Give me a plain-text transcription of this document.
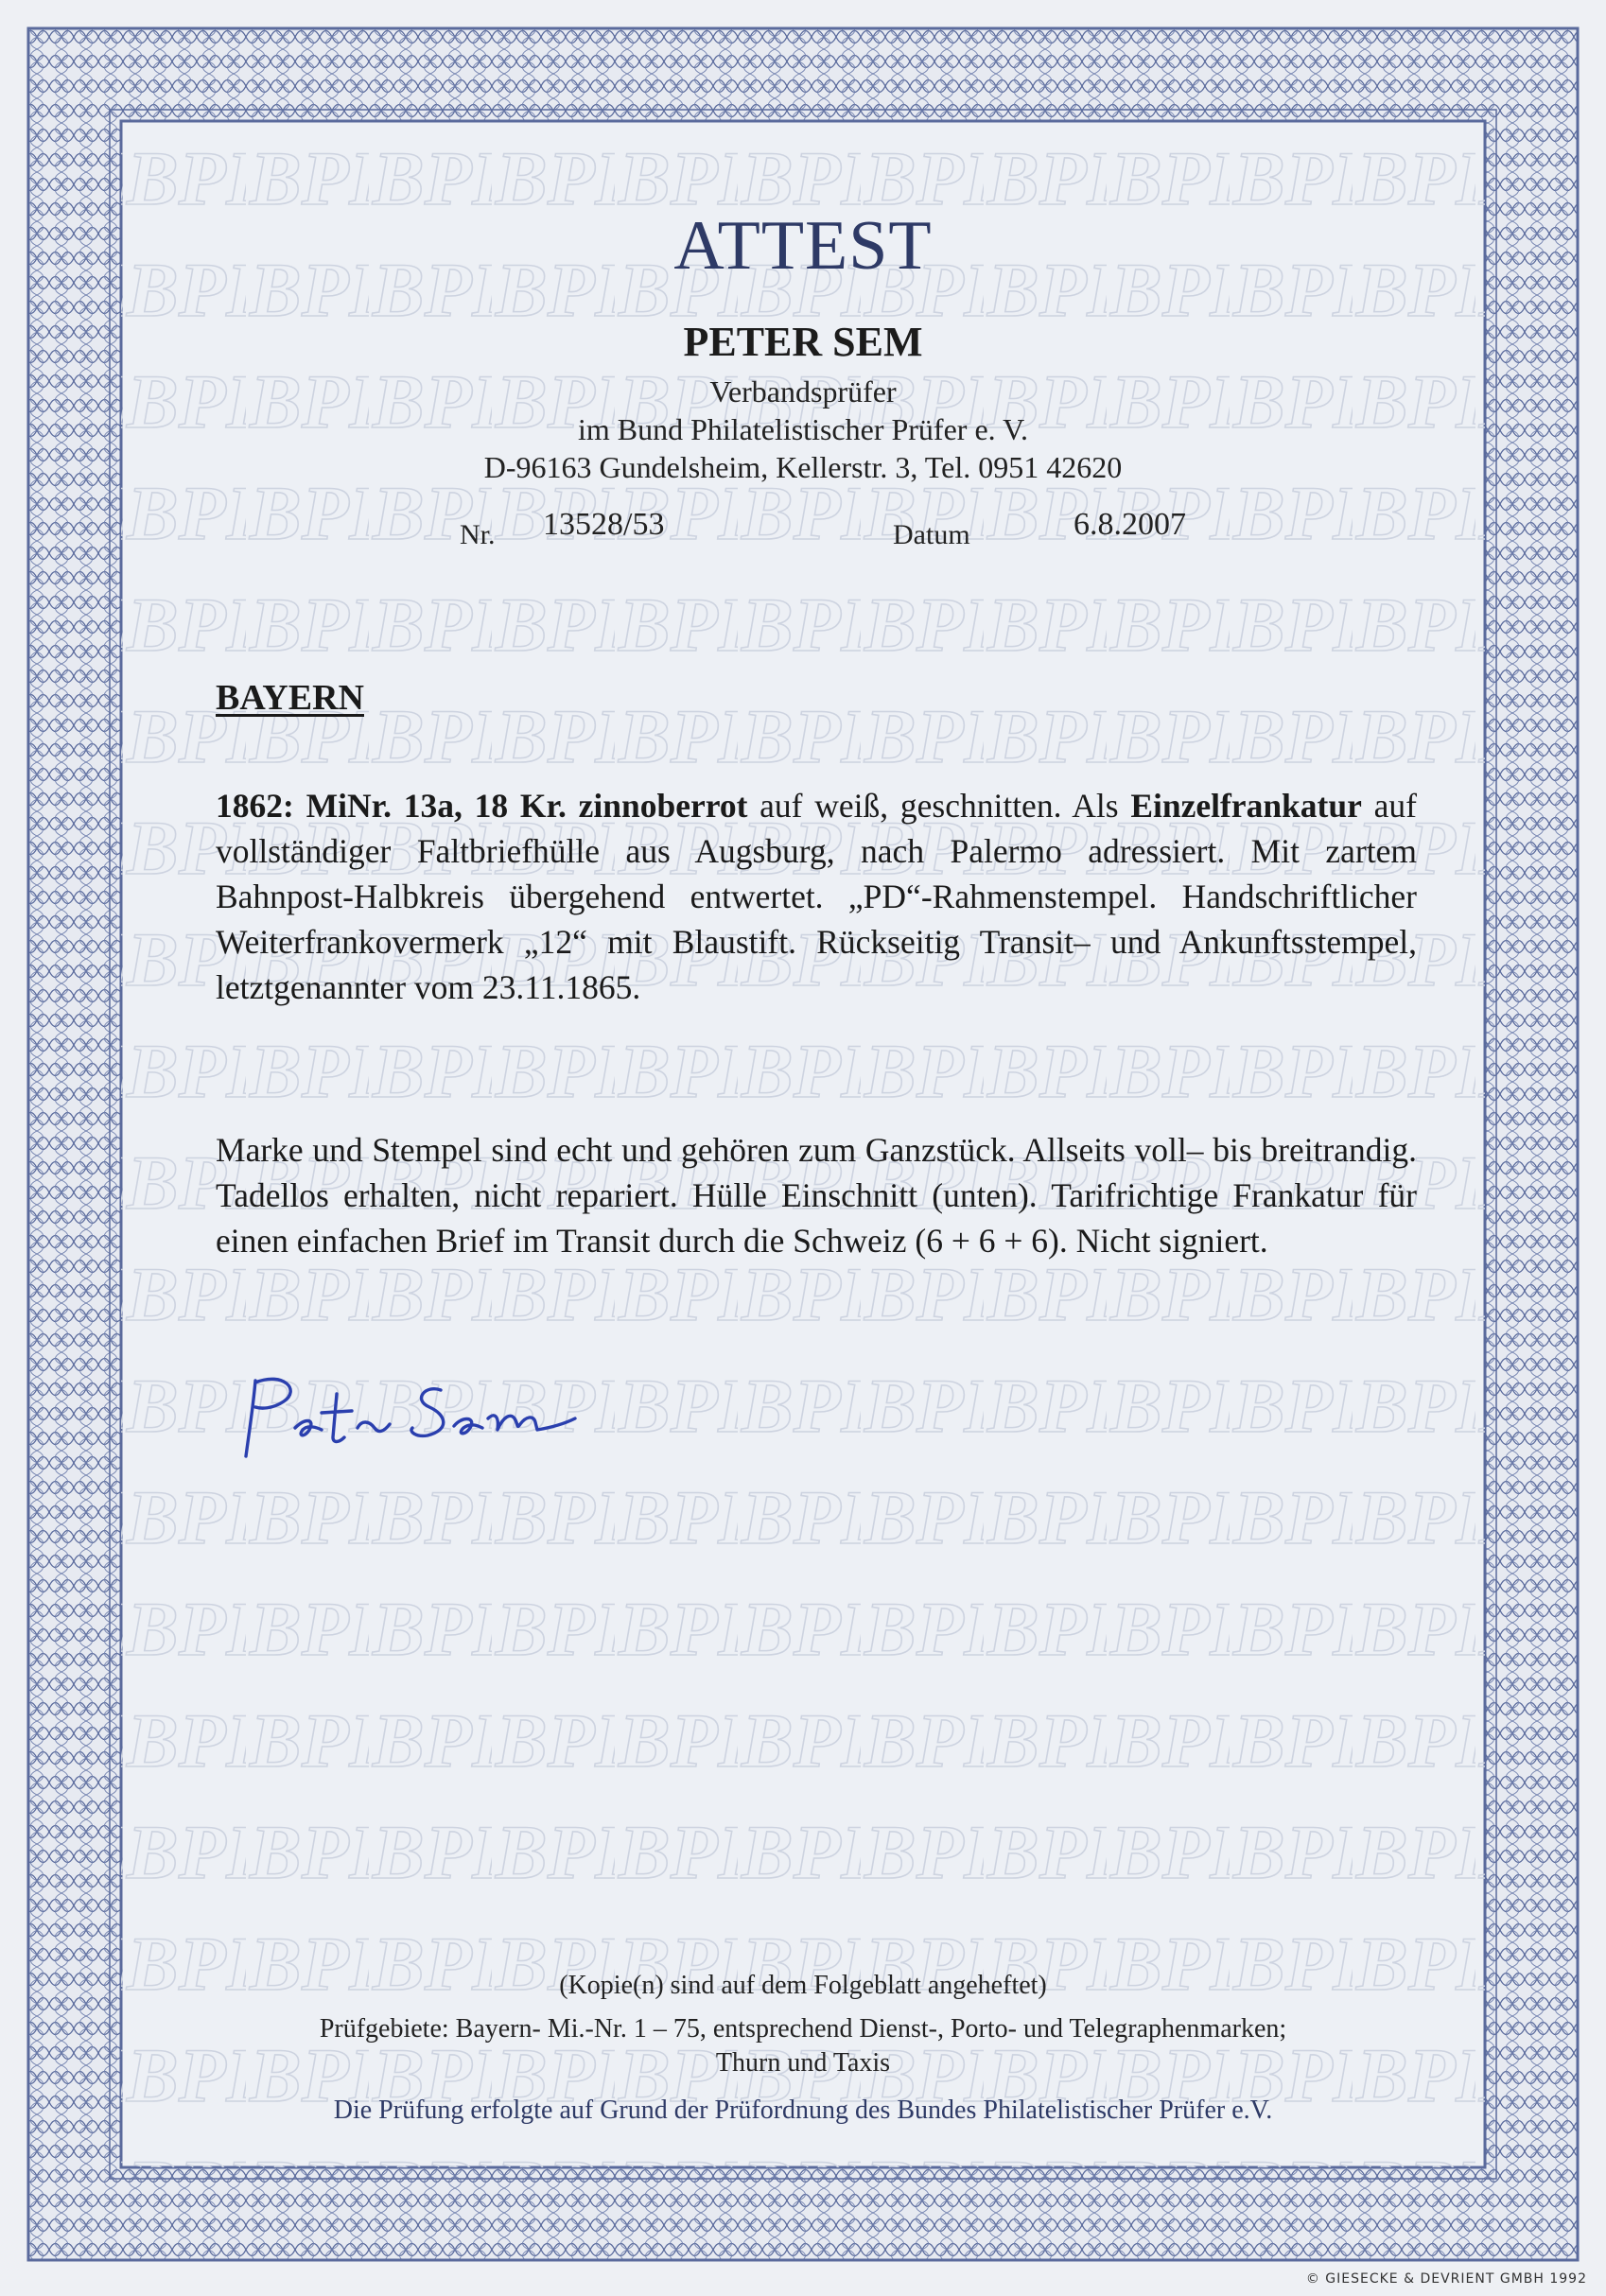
ATTEST
PETER SEM
Verbandsprüfer
im Bund Philatelistischer Prüfer e. V.
D-96163 Gundelsheim, Kellerstr. 3, Tel. 0951 42620
Nr. 13528/53	Datum	6.8.2007
BAYERN
1862: MiNr. 13a, 18 Kr. zinnoberrot auf weiß, geschnitten. Als Einzelfrankatur auf vollständiger Faltbriefhülle aus Augsburg, nach Palermo adressiert. Mit zartem Bahnpost-Halbkreis übergehend entwertet. „PD“-Rahmenstempel. Handschriftlicher Weiterfrankovermerk „12“ mit Blaustift. Rückseitig Transit– und Ankunftsstempel, letztgenannter vom 23.11.1865.
Marke und Stempel sind echt und gehören zum Ganzstück. Allseits voll– bis breitrandig. Tadellos erhalten, nicht repariert. Hülle Einschnitt (unten). Tarifrichtige Frankatur für einen einfachen Brief im Transit durch die Schweiz (6 + 6 + 6). Nicht signiert.
(Kopie(n) sind auf dem Folgeblatt angeheftet)
Prüfgebiete: Bayern- Mi.-Nr. 1 – 75, entsprechend Dienst-, Porto- und Telegraphenmarken;
Thurn und Taxis
Die Prüfung erfolgte auf Grund der Prüfordnung des Bundes Philatelistischer Prüfer e.V.
© GIESECKE & DEVRIENT GMBH 1992
